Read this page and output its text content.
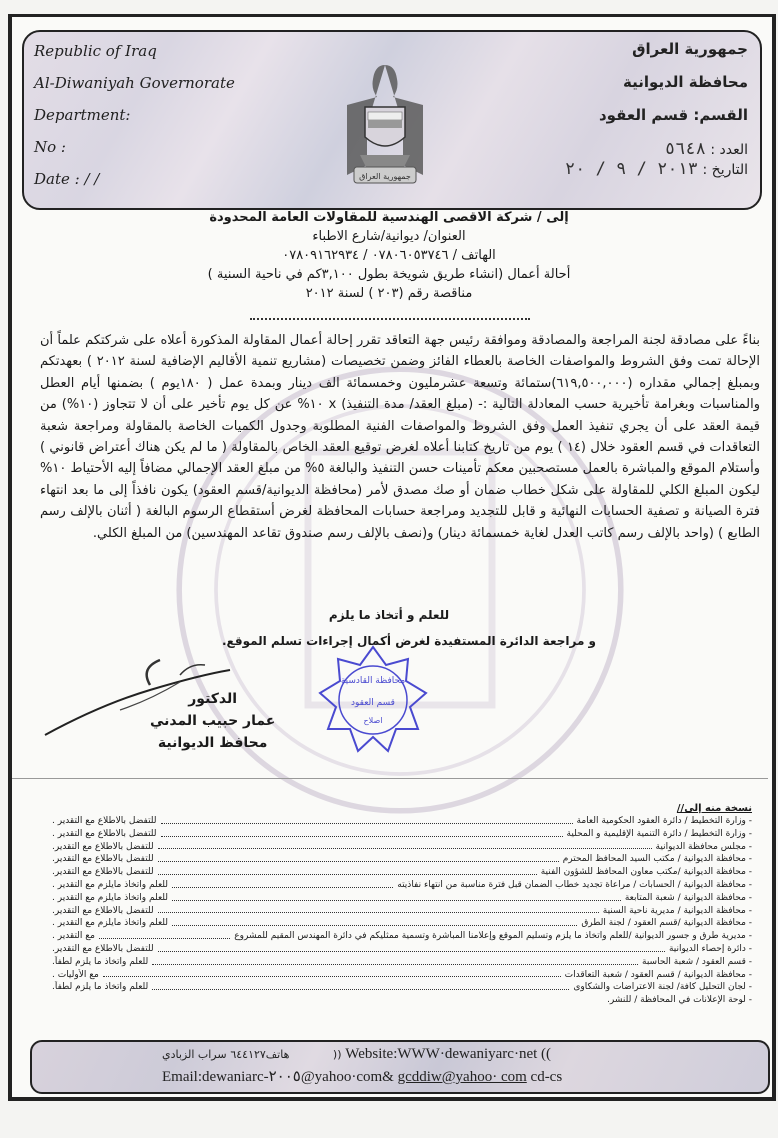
Republic of Iraq
Al-Diwaniyah Governorate
Department:
No :
Date : / /	جمهورية العراق
جمهورية العراق
محافظة الديوانية
القسم: قسم العقود
العدد : ٥٦٤٨
التاريخ : ٢٠١٣ / ٩ / ٢٠
إلى / شركة الاقصى الهندسية للمقاولات العامة المحدودة
العنوان/ ديوانية/شارع الاطباء
الهاتف / ٠٧٨٠٦٠٥٣٧٤٦ / ٠٧٨٠٩١٦٢٩٣٤
أحالة أعمال (انشاء طريق شويخة بطول ٣,١٠٠كم في ناحية السنية )
مناقصة رقم (٢٠٣ ) لسنة ٢٠١٢
بناءً على مصادقة لجنة المراجعة والمصادقة وموافقة رئيس جهة التعاقد تقرر إحالة أعمال المقاولة المذكورة أعلاه على شركتكم علماً أن الإحالة تمت وفق الشروط والمواصفات الخاصة بالعطاء الفائز وضمن تخصيصات (مشاريع تنمية الأقاليم الإضافية لسنة ٢٠١٢ ) بعهدتكم وبمبلغ إجمالي مقداره (٦١٩,٥٠٠,٠٠٠)ستمائة وتسعة عشرمليون وخمسمائة الف دينار وبمدة عمل ( ١٨٠يوم ) بضمنها أيام العطل والمناسبات وبغرامة تأخيرية حسب المعادلة التالية :- (مبلغ العقد/ مدة التنفيذ) x ١٠% عن كل يوم تأخير على أن لا تتجاوز (١٠%) من قيمة العقد على أن يجري تنفيذ العمل وفق الشروط والمواصفات الفنية المطلوبة وجدول الكميات الخاصة بالمقاولة ومراجعة شعبة التعاقدات في قسم العقود خلال (١٤ ) يوم من تاريخ كتابنا أعلاه لغرض توقيع العقد الخاص بالمقاولة ( ما لم يكن هناك أعتراض قانوني ) وأستلام الموقع والمباشرة بالعمل مستصحبين معكم تأمينات حسن التنفيذ والبالغة ٥% من مبلغ العقد الإجمالي مضافاً إليه الأحتياط ١٠% ليكون المبلغ الكلي للمقاولة على شكل خطاب ضمان أو صك مصدق لأمر (محافظة الديوانية/قسم العقود) يكون نافذاً إلى ما بعد انتهاء فترة الصيانة و تصفية الحسابات النهائية و قابل للتجديد ومراجعة حسابات المحافظة لغرض أستقطاع الرسوم البالغة ( أثنان بالإلف رسم الطابع ) (واحد بالإلف رسم كاتب العدل لغاية خمسمائة دينار) و(نصف بالإلف رسم صندوق تقاعد المهندسين) من المبلغ الكلي.
للعلم و أتخاذ ما يلزم
و مراجعة الدائرة المستفيدة لغرض أكمال إجراءات تسلم الموقع.
الدكتور
عمار حبيب المدني
محافظ الديوانية
محافظة القادسية
قسم العقود
اصلاح
نسخة منه إلى//
- وزارة التخطيط / دائرة العقود الحكومية العامة
للتفضل بالاطلاع مع التقدير .
- وزارة التخطيط / دائرة التنمية الإقليمية و المحلية
للتفضل بالاطلاع مع التقدير .
- مجلس محافظة الديوانية
للتفضل بالاطلاع مع التقدير.
- محافظة الديوانية / مكتب السيد المحافظ المحترم
للتفضل بالاطلاع مع التقدير.
- محافظة الديوانية /مكتب معاون المحافظ للشؤون الفنية
للتفضل بالاطلاع مع التقدير.
- محافظة الديوانية / الحسابات / مراعاة تجديد خطاب الضمان قبل فترة مناسبة من انتهاء نفاذيته
للعلم واتخاذ مايلزم مع التقدير .
- محافظة الديوانية / شعبة المتابعة
للعلم واتخاذ مايلزم مع التقدير .
- محافظة الديوانية / مديرية ناحية السنية
للتفضل بالاطلاع مع التقدير.
- محافظة الديوانية /قسم العقود / لجنة الطرق
للعلم واتخاذ مايلزم مع التقدير .
- مديرية طرق و جسور الديوانية /للعلم واتخاذ ما يلزم وتسليم الموقع وإعلامنا المباشرة وتسمية ممثليكم في دائرة المهندس المقيم للمشروع
مع التقدير .
- دائرة إحصاء الديوانية
للتفضل بالاطلاع مع التقدير.
- قسم العقود / شعبة الحاسبة
للعلم واتخاذ ما يلزم لطفاً.
- محافظة الديوانية / قسم العقود / شعبة التعاقدات
مع الأوليات .
- لجان التحليل كافة/ لجنة الاعتراضات والشكاوى
للعلم واتخاذ ما يلزم لطفاً.
- لوحة الإعلانات في المحافظة / للنشر.
هاتف٦٤٤١٢٧ سراب الزبادي )) Website:WWW·dewaniyarc·net ((
Email:dewaniarc-٢٠٠٥@yahoo·com& gcddiw@yahoo· com cd-cs
